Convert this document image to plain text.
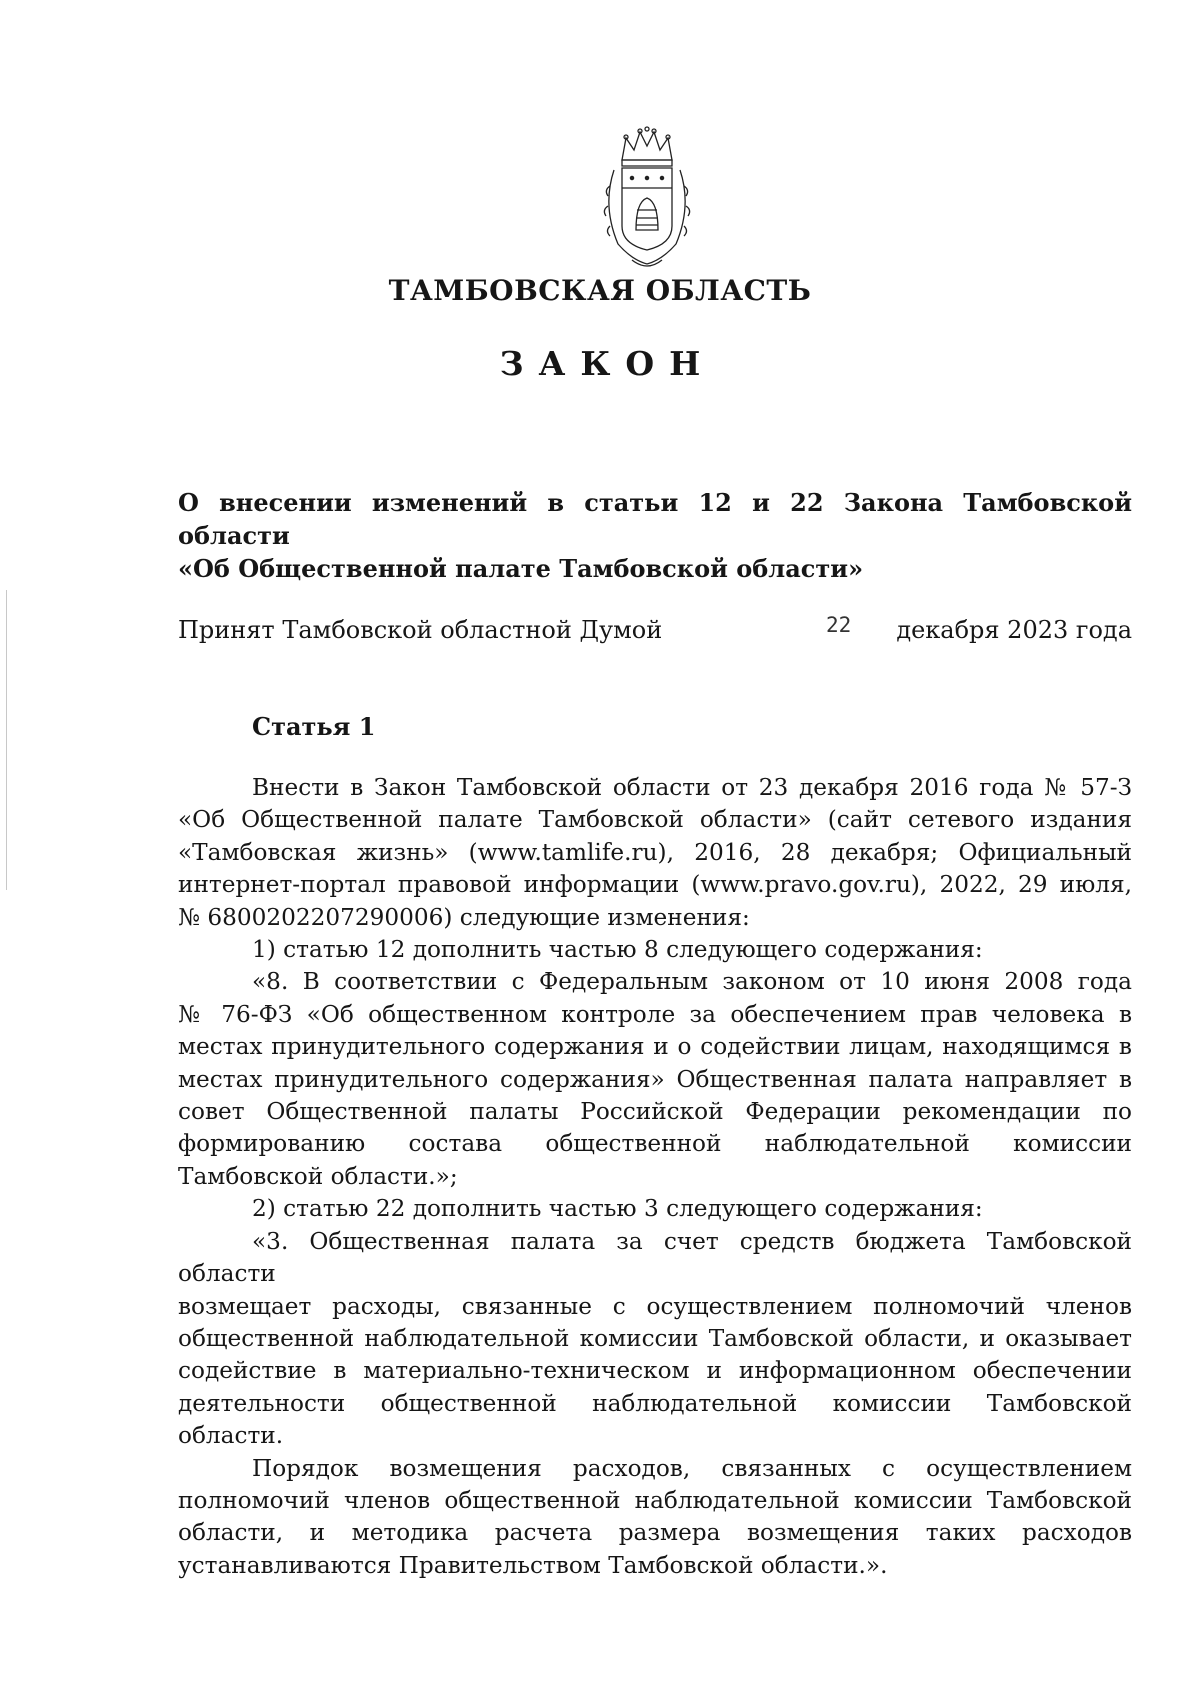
ТАМБОВСКАЯ ОБЛАСТЬ
ЗАКОН
О внесении изменений в статьи 12 и 22 Закона Тамбовской области
«Об Общественной палате Тамбовской области»
Принят Тамбовской областной Думой	22 декабря 2023 года
Статья 1
Внести в Закон Тамбовской области от 23 декабря 2016 года № 57-З
«Об Общественной палате Тамбовской области» (сайт сетевого издания
«Тамбовская жизнь» (www.tamlife.ru), 2016, 28 декабря; Официальный
интернет-портал правовой информации (www.pravo.gov.ru), 2022, 29 июля,
№ 6800202207290006) следующие изменения:
1) статью 12 дополнить частью 8 следующего содержания:
«8. В соответствии с Федеральным законом от 10 июня 2008 года
№ 76-ФЗ «Об общественном контроле за обеспечением прав человека в
местах принудительного содержания и о содействии лицам, находящимся в
местах принудительного содержания» Общественная палата направляет в
совет Общественной палаты Российской Федерации рекомендации по
формированию состава общественной наблюдательной комиссии
Тамбовской области.»;
2) статью 22 дополнить частью 3 следующего содержания:
«3. Общественная палата за счет средств бюджета Тамбовской области
возмещает расходы, связанные с осуществлением полномочий членов
общественной наблюдательной комиссии Тамбовской области, и оказывает
содействие в материально-техническом и информационном обеспечении
деятельности общественной наблюдательной комиссии Тамбовской области.
Порядок возмещения расходов, связанных с осуществлением
полномочий членов общественной наблюдательной комиссии Тамбовской
области, и методика расчета размера возмещения таких расходов
устанавливаются Правительством Тамбовской области.».
